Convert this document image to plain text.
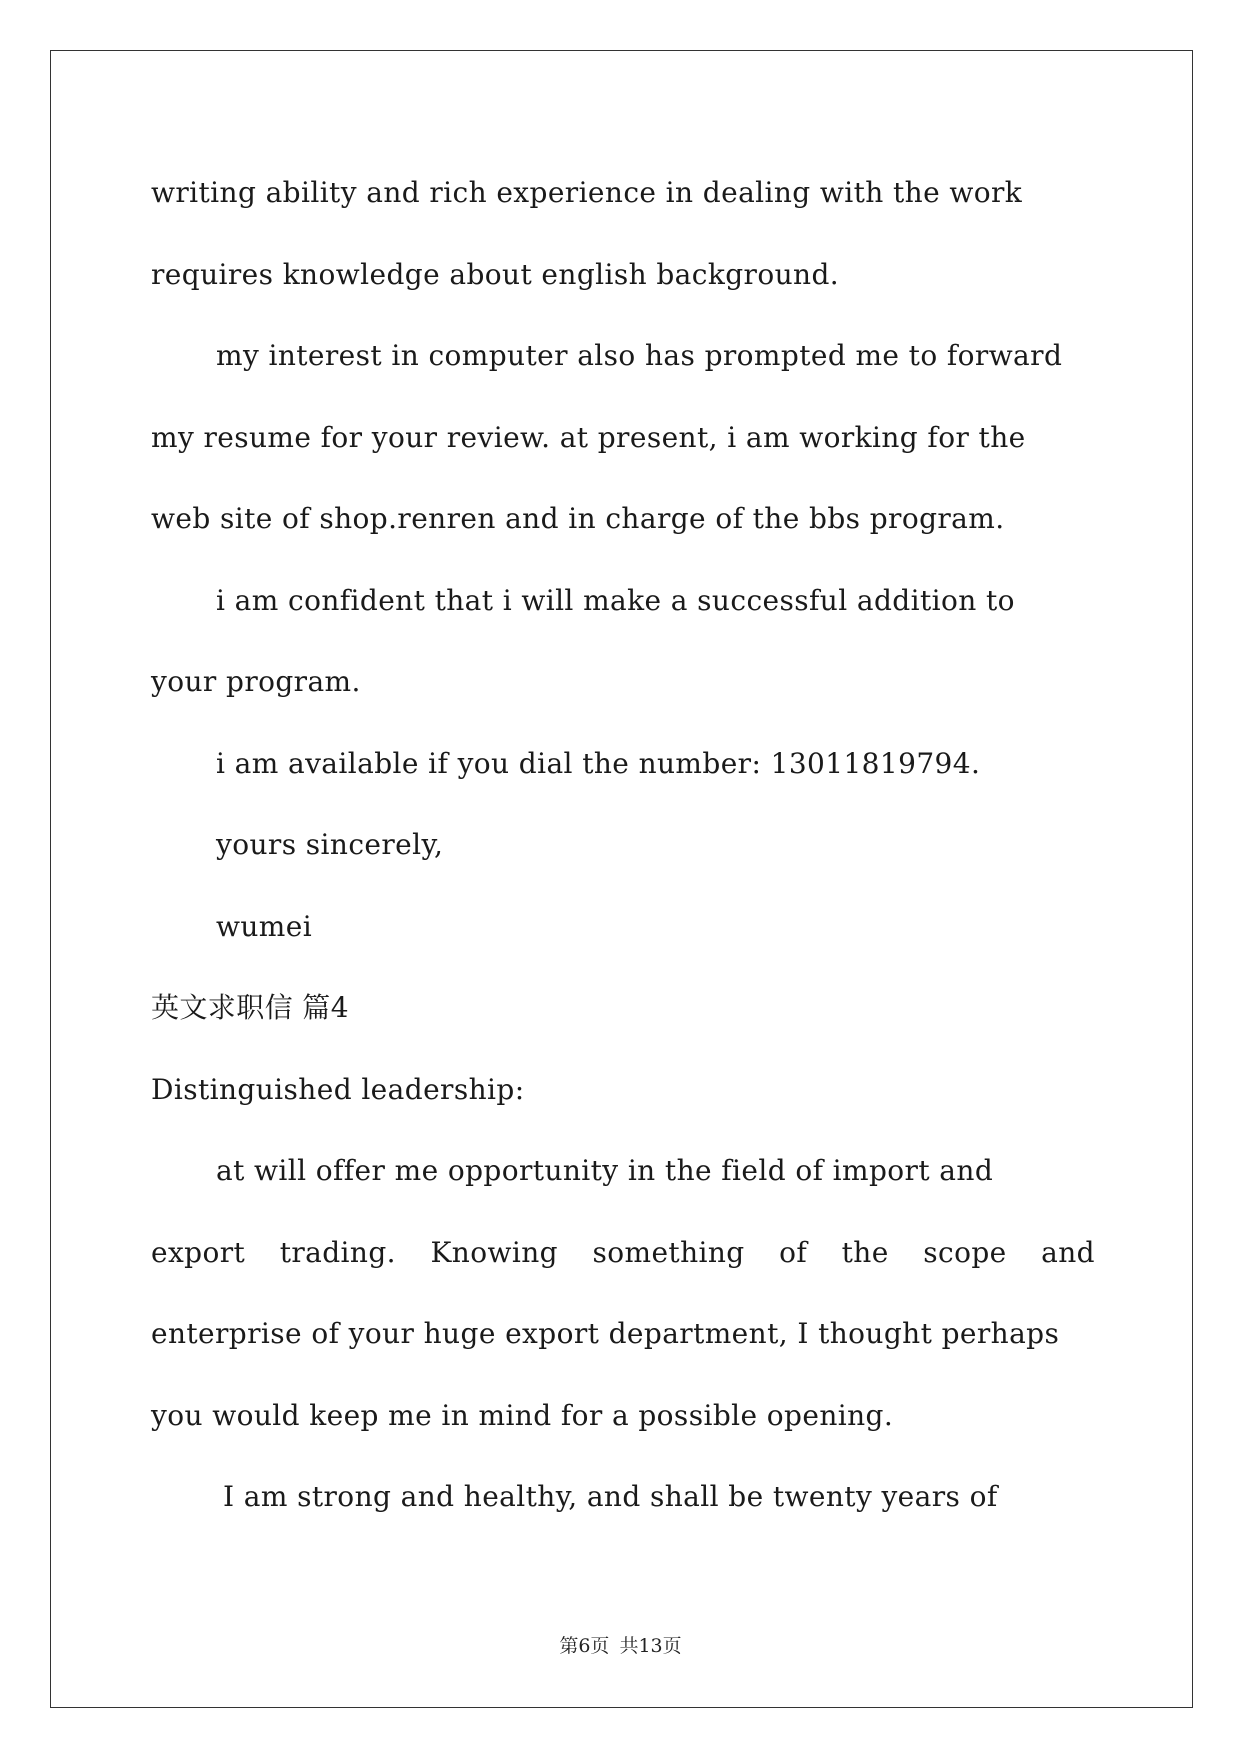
writing ability and rich experience in dealing with the work
requires knowledge about english background.
my interest in computer also has prompted me to forward
my resume for your review. at present, i am working for the
web site of shop.renren and in charge of the bbs program.
i am confident that i will make a successful addition to
your program.
i am available if you dial the number: 13011819794.
yours sincerely,
wumei
英文求职信 篇4
Distinguished leadership:
at will offer me opportunity in the field of import and
export trading. Knowing something of the scope and
enterprise of your huge export department, I thought perhaps
you would keep me in mind for a possible opening.
I am strong and healthy, and shall be twenty years of
第6页 共13页
